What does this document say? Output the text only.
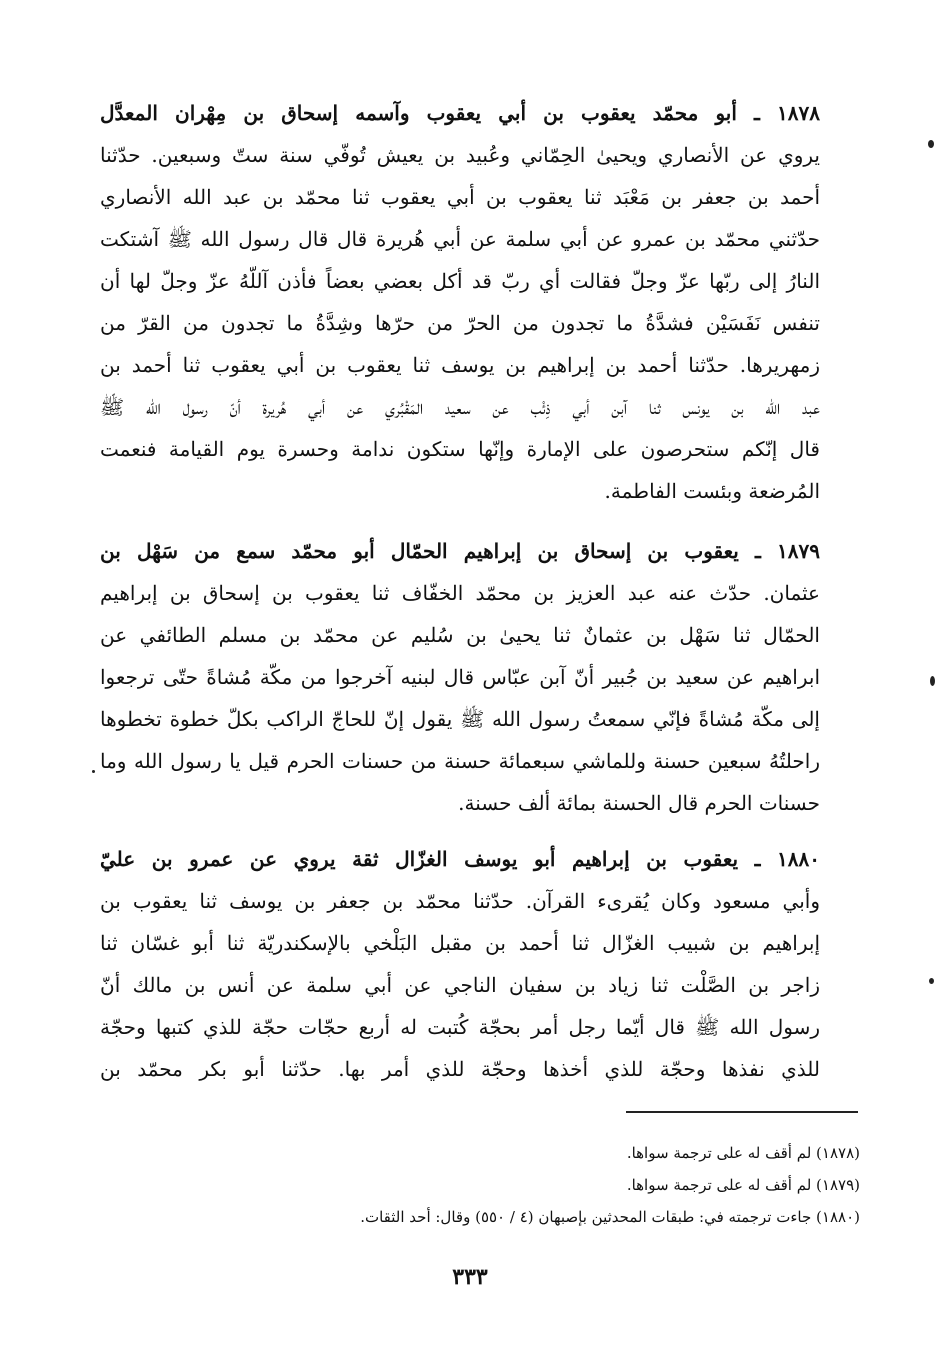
١٨٧٨ ـ أبو محمّد يعقوب بن أبي يعقوب وآسمه إسحاق بن مِهْران المعدَّل
يروي عن الأنصاري ويحيىٰ الحِمّاني وعُبيد بن يعيش تُوفّي سنة ستّ وسبعين. حدّثنا
أحمد بن جعفر بن مَعْبَد ثنا يعقوب بن أبي يعقوب ثنا محمّد بن عبد الله الأنصاري
حدّثني محمّد بن عمرو عن أبي سلمة عن أبي هُريرة قال قال رسول الله ﷺ آشتكت
النارُ إلى ربّها عزّ وجلّ فقالت أي ربّ قد أكل بعضي بعضاً فأذن آللّهُ عزّ وجلّ لها أن
تنفس نَفَسَيْن فشدَّةُ ما تجدون من الحرّ من حرّها وشِدَّةُ ما تجدون من القرّ من
زمهريرها. حدّثنا أحمد بن إبراهيم بن يوسف ثنا يعقوب بن أبي يعقوب ثنا أحمد بن
عبد الله بن يونس ثنا آبن أبي ذِئْب عن سعيد المَقْبُري عن أبي هُريرة أنّ رسول الله ﷺ
قال إنّكم ستحرصون على الإمارة وإنّها ستكون ندامة وحسرة يوم القيامة فنعمت
المُرضعة وبئست الفاطمة.
١٨٧٩ ـ يعقوب بن إسحاق بن إبراهيم الحمّال أبو محمّد سمع من سَهْل بن
عثمان. حدّث عنه عبد العزيز بن محمّد الخفّاف ثنا يعقوب بن إسحاق بن إبراهيم
الحمّال ثنا سَهْل بن عثمانٌ ثنا يحيىٰ بن سُليم عن محمّد بن مسلم الطائفي عن
ابراهيم عن سعيد بن جُبير أنّ آبن عبّاس قال لبنيه آخرجوا من مكّة مُشاةً حتّى ترجعوا
إلى مكّة مُشاةً فإنّي سمعتُ رسول الله ﷺ يقول إنّ للحاجّ الراكب بكلّ خطوة تخطوها
راحلتُهُ سبعين حسنة وللماشي سبعمائة حسنة من حسنات الحرم قيل يا رسول الله وما
حسنات الحرم قال الحسنة بمائة ألف حسنة.
١٨٨٠ ـ يعقوب بن إبراهيم أبو يوسف الغزّال ثقة يروي عن عمرو بن عليّ
وأبي مسعود وكان يُقرىء القرآن. حدّثنا محمّد بن جعفر بن يوسف ثنا يعقوب بن
إبراهيم بن شبيب الغزّال ثنا أحمد بن مقبل البَلْخي بالإسكندريّة ثنا أبو غسّان ثنا
زاجر بن الصَّلْت ثنا زياد بن سفيان الناجي عن أبي سلمة عن أنس بن مالك أنّ
رسول الله ﷺ قال أيّما رجل أمر بحجّة كُتبت له أربع حجّات حجّة للذي كتبها وحجّة
للذي نفذها وحجّة للذي أخذها وحجّة للذي أمر بها. حدّثنا أبو بكر محمّد بن
(١٨٧٨) لم أقف له على ترجمة سواها.
(١٨٧٩) لم أقف له على ترجمة سواها.
(١٨٨٠) جاءت ترجمته في: طبقات المحدثين بإصبهان (٤ / ٥٥٠) وقال: أحد الثقات.
٣٣٣
